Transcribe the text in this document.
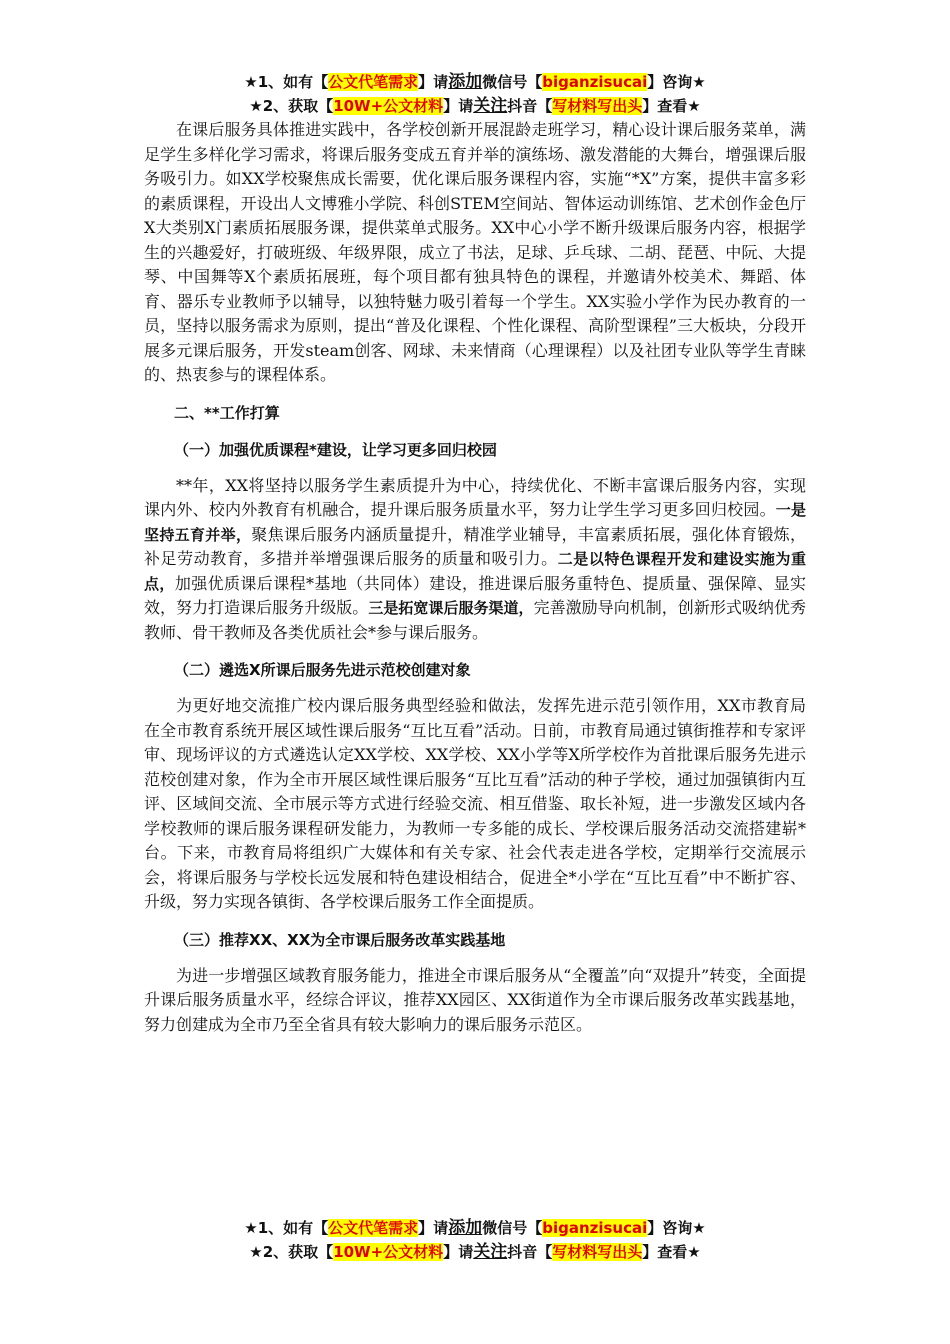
★1、如有【公文代笔需求】请添加微信号【biganzisucai】咨询★
★2、获取【10W+公文材料】请关注抖音【写材料写出头】查看★

在课后服务具体推进实践中，各学校创新开展混龄走班学习，精心设计课后服务菜单，满足学生多样化学习需求，将课后服务变成五育并举的演练场、激发潜能的大舞台，增强课后服务吸引力。如XX学校聚焦成长需要，优化课后服务课程内容，实施“*X”方案，提供丰富多彩的素质课程，开设出人文博雅小学院、科创STEM空间站、智体运动训练馆、艺术创作金色厅X大类别X门素质拓展服务课，提供菜单式服务。XX中心小学不断升级课后服务内容，根据学生的兴趣爱好，打破班级、年级界限，成立了书法，足球、乒乓球、二胡、琵琶、中阮、大提琴、中国舞等X个素质拓展班，每个项目都有独具特色的课程，并邀请外校美术、舞蹈、体育、器乐专业教师予以辅导，以独特魅力吸引着每一个学生。XX实验小学作为民办教育的一员，坚持以服务需求为原则，提出“普及化课程、个性化课程、高阶型课程”三大板块，分段开展多元课后服务，开发steam创客、网球、未来情商（心理课程）以及社团专业队等学生青睐的、热衷参与的课程体系。

二、**工作打算
（一）加强优质课程*建设，让学习更多回归校园

**年，XX将坚持以服务学生素质提升为中心，持续优化、不断丰富课后服务内容，实现课内外、校内外教育有机融合，提升课后服务质量水平，努力让学生学习更多回归校园。一是坚持五育并举，聚焦课后服务内涵质量提升，精准学业辅导，丰富素质拓展，强化体育锻炼，补足劳动教育，多措并举增强课后服务的质量和吸引力。二是以特色课程开发和建设实施为重点，加强优质课后课程*基地（共同体）建设，推进课后服务重特色、提质量、强保障、显实效，努力打造课后服务升级版。三是拓宽课后服务渠道，完善激励导向机制，创新形式吸纳优秀教师、骨干教师及各类优质社会*参与课后服务。

（二）遴选X所课后服务先进示范校创建对象

为更好地交流推广校内课后服务典型经验和做法，发挥先进示范引领作用，XX市教育局在全市教育系统开展区域性课后服务“互比互看”活动。日前，市教育局通过镇街推荐和专家评审、现场评议的方式遴选认定XX学校、XX学校、XX小学等X所学校作为首批课后服务先进示范校创建对象，作为全市开展区域性课后服务“互比互看”活动的种子学校，通过加强镇街内互评、区域间交流、全市展示等方式进行经验交流、相互借鉴、取长补短，进一步激发区域内各学校教师的课后服务课程研发能力，为教师一专多能的成长、学校课后服务活动交流搭建崭*台。下来，市教育局将组织广大媒体和有关专家、社会代表走进各学校，定期举行交流展示会，将课后服务与学校长远发展和特色建设相结合，促进全*小学在“互比互看”中不断扩容、升级，努力实现各镇街、各学校课后服务工作全面提质。

（三）推荐XX、XX为全市课后服务改革实践基地

为进一步增强区域教育服务能力，推进全市课后服务从“全覆盖”向“双提升”转变，全面提升课后服务质量水平，经综合评议，推荐XX园区、XX街道作为全市课后服务改革实践基地，努力创建成为全市乃至全省具有较大影响力的课后服务示范区。

★1、如有【公文代笔需求】请添加微信号【biganzisucai】咨询★
★2、获取【10W+公文材料】请关注抖音【写材料写出头】查看★
